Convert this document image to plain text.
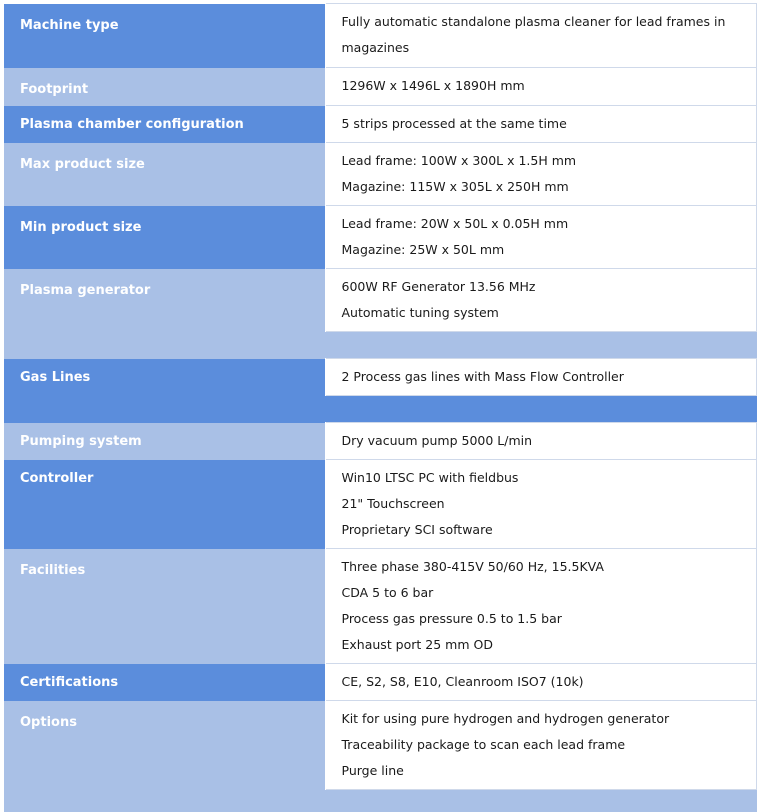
Machine type	Fully automatic standalone plasma cleaner for lead frames in magazines

Footprint	1296W x 1496L x 1890H mm

Plasma chamber configuration	5 strips processed at the same time

Max product size	Lead frame: 100W x 300L x 1.5H mm
Magazine: 115W x 305L x 250H mm

Min product size	Lead frame: 20W x 50L x 0.05H mm
Magazine: 25W x 50L mm

Plasma generator	600W RF Generator 13.56 MHz
Automatic tuning system

Gas Lines	2 Process gas lines with Mass Flow Controller

Pumping system	Dry vacuum pump 5000 L/min

Controller	Win10 LTSC PC with fieldbus
21" Touchscreen
Proprietary SCI software

Facilities	Three phase 380-415V 50/60 Hz, 15.5KVA
CDA 5 to 6 bar
Process gas pressure 0.5 to 1.5 bar
Exhaust port 25 mm OD

Certifications	CE, S2, S8, E10, Cleanroom ISO7 (10k)

Options	Kit for using pure hydrogen and hydrogen generator
Traceability package to scan each lead frame
Purge line
